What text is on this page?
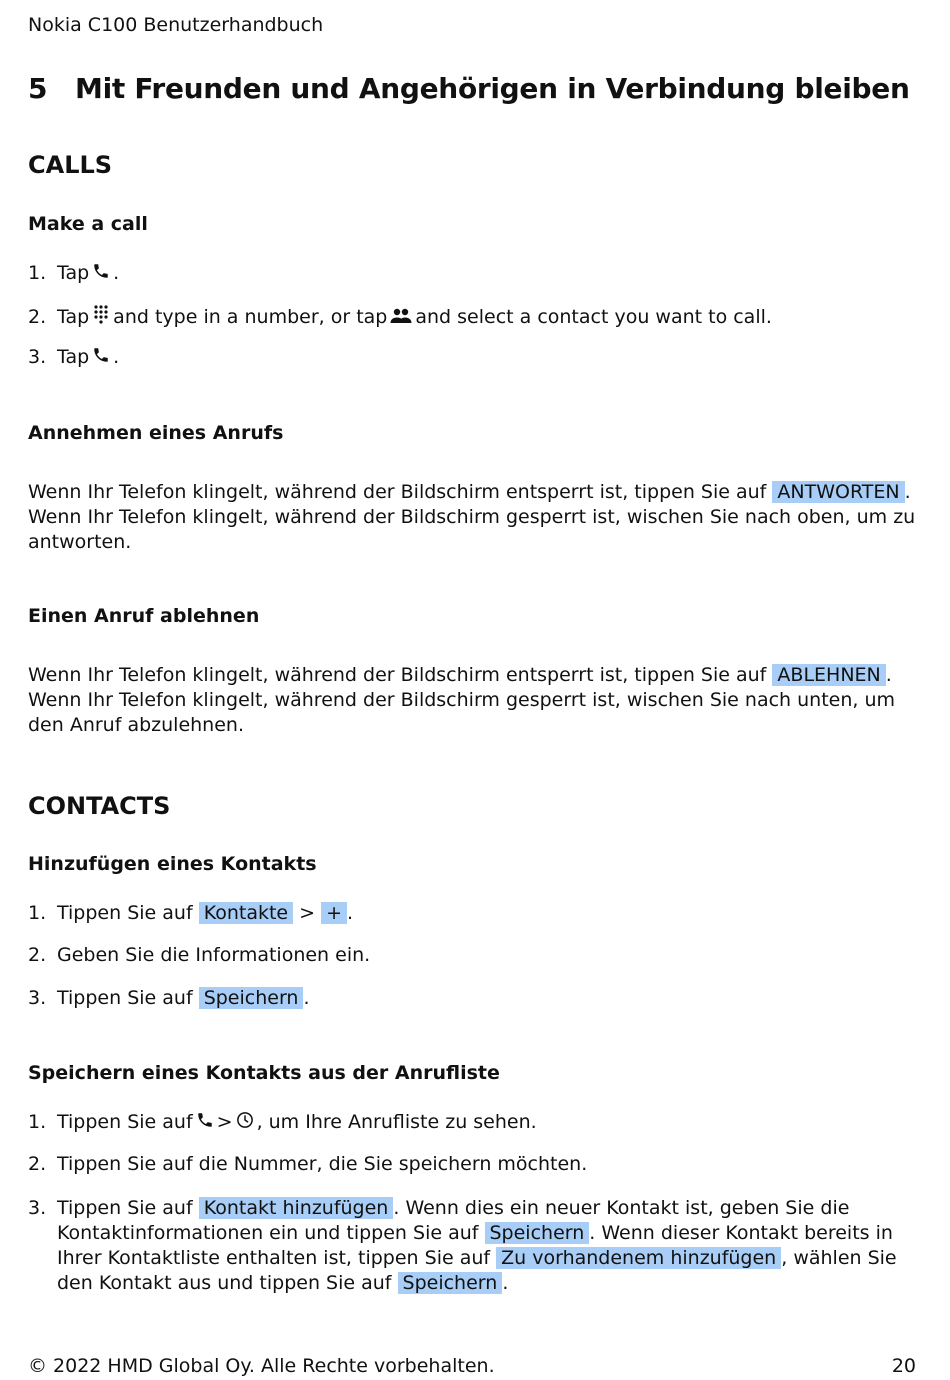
Nokia C100 Benutzerhandbuch
5 Mit Freunden und Angehörigen in Verbindung bleiben
CALLS
Make a call
1. Tap .
2. Tap and type in a number, or tap and select a contact you want to call.
3. Tap .
Annehmen eines Anrufs
Wenn Ihr Telefon klingelt, während der Bildschirm entsperrt ist, tippen Sie auf ANTWORTEN . Wenn Ihr Telefon klingelt, während der Bildschirm gesperrt ist, wischen Sie nach oben, um zu antworten.
Einen Anruf ablehnen
Wenn Ihr Telefon klingelt, während der Bildschirm entsperrt ist, tippen Sie auf ABLEHNEN . Wenn Ihr Telefon klingelt, während der Bildschirm gesperrt ist, wischen Sie nach unten, um den Anruf abzulehnen.
CONTACTS
Hinzufügen eines Kontakts
1. Tippen Sie auf Kontakte > + .
2. Geben Sie die Informationen ein.
3. Tippen Sie auf Speichern .
Speichern eines Kontakts aus der Anrufliste
1. Tippen Sie auf > , um Ihre Anrufliste zu sehen.
2. Tippen Sie auf die Nummer, die Sie speichern möchten.
3. Tippen Sie auf Kontakt hinzufügen . Wenn dies ein neuer Kontakt ist, geben Sie die Kontaktinformationen ein und tippen Sie auf Speichern . Wenn dieser Kontakt bereits in Ihrer Kontaktliste enthalten ist, tippen Sie auf Zu vorhandenem hinzufügen , wählen Sie den Kontakt aus und tippen Sie auf Speichern .
© 2022 HMD Global Oy. Alle Rechte vorbehalten.	20
